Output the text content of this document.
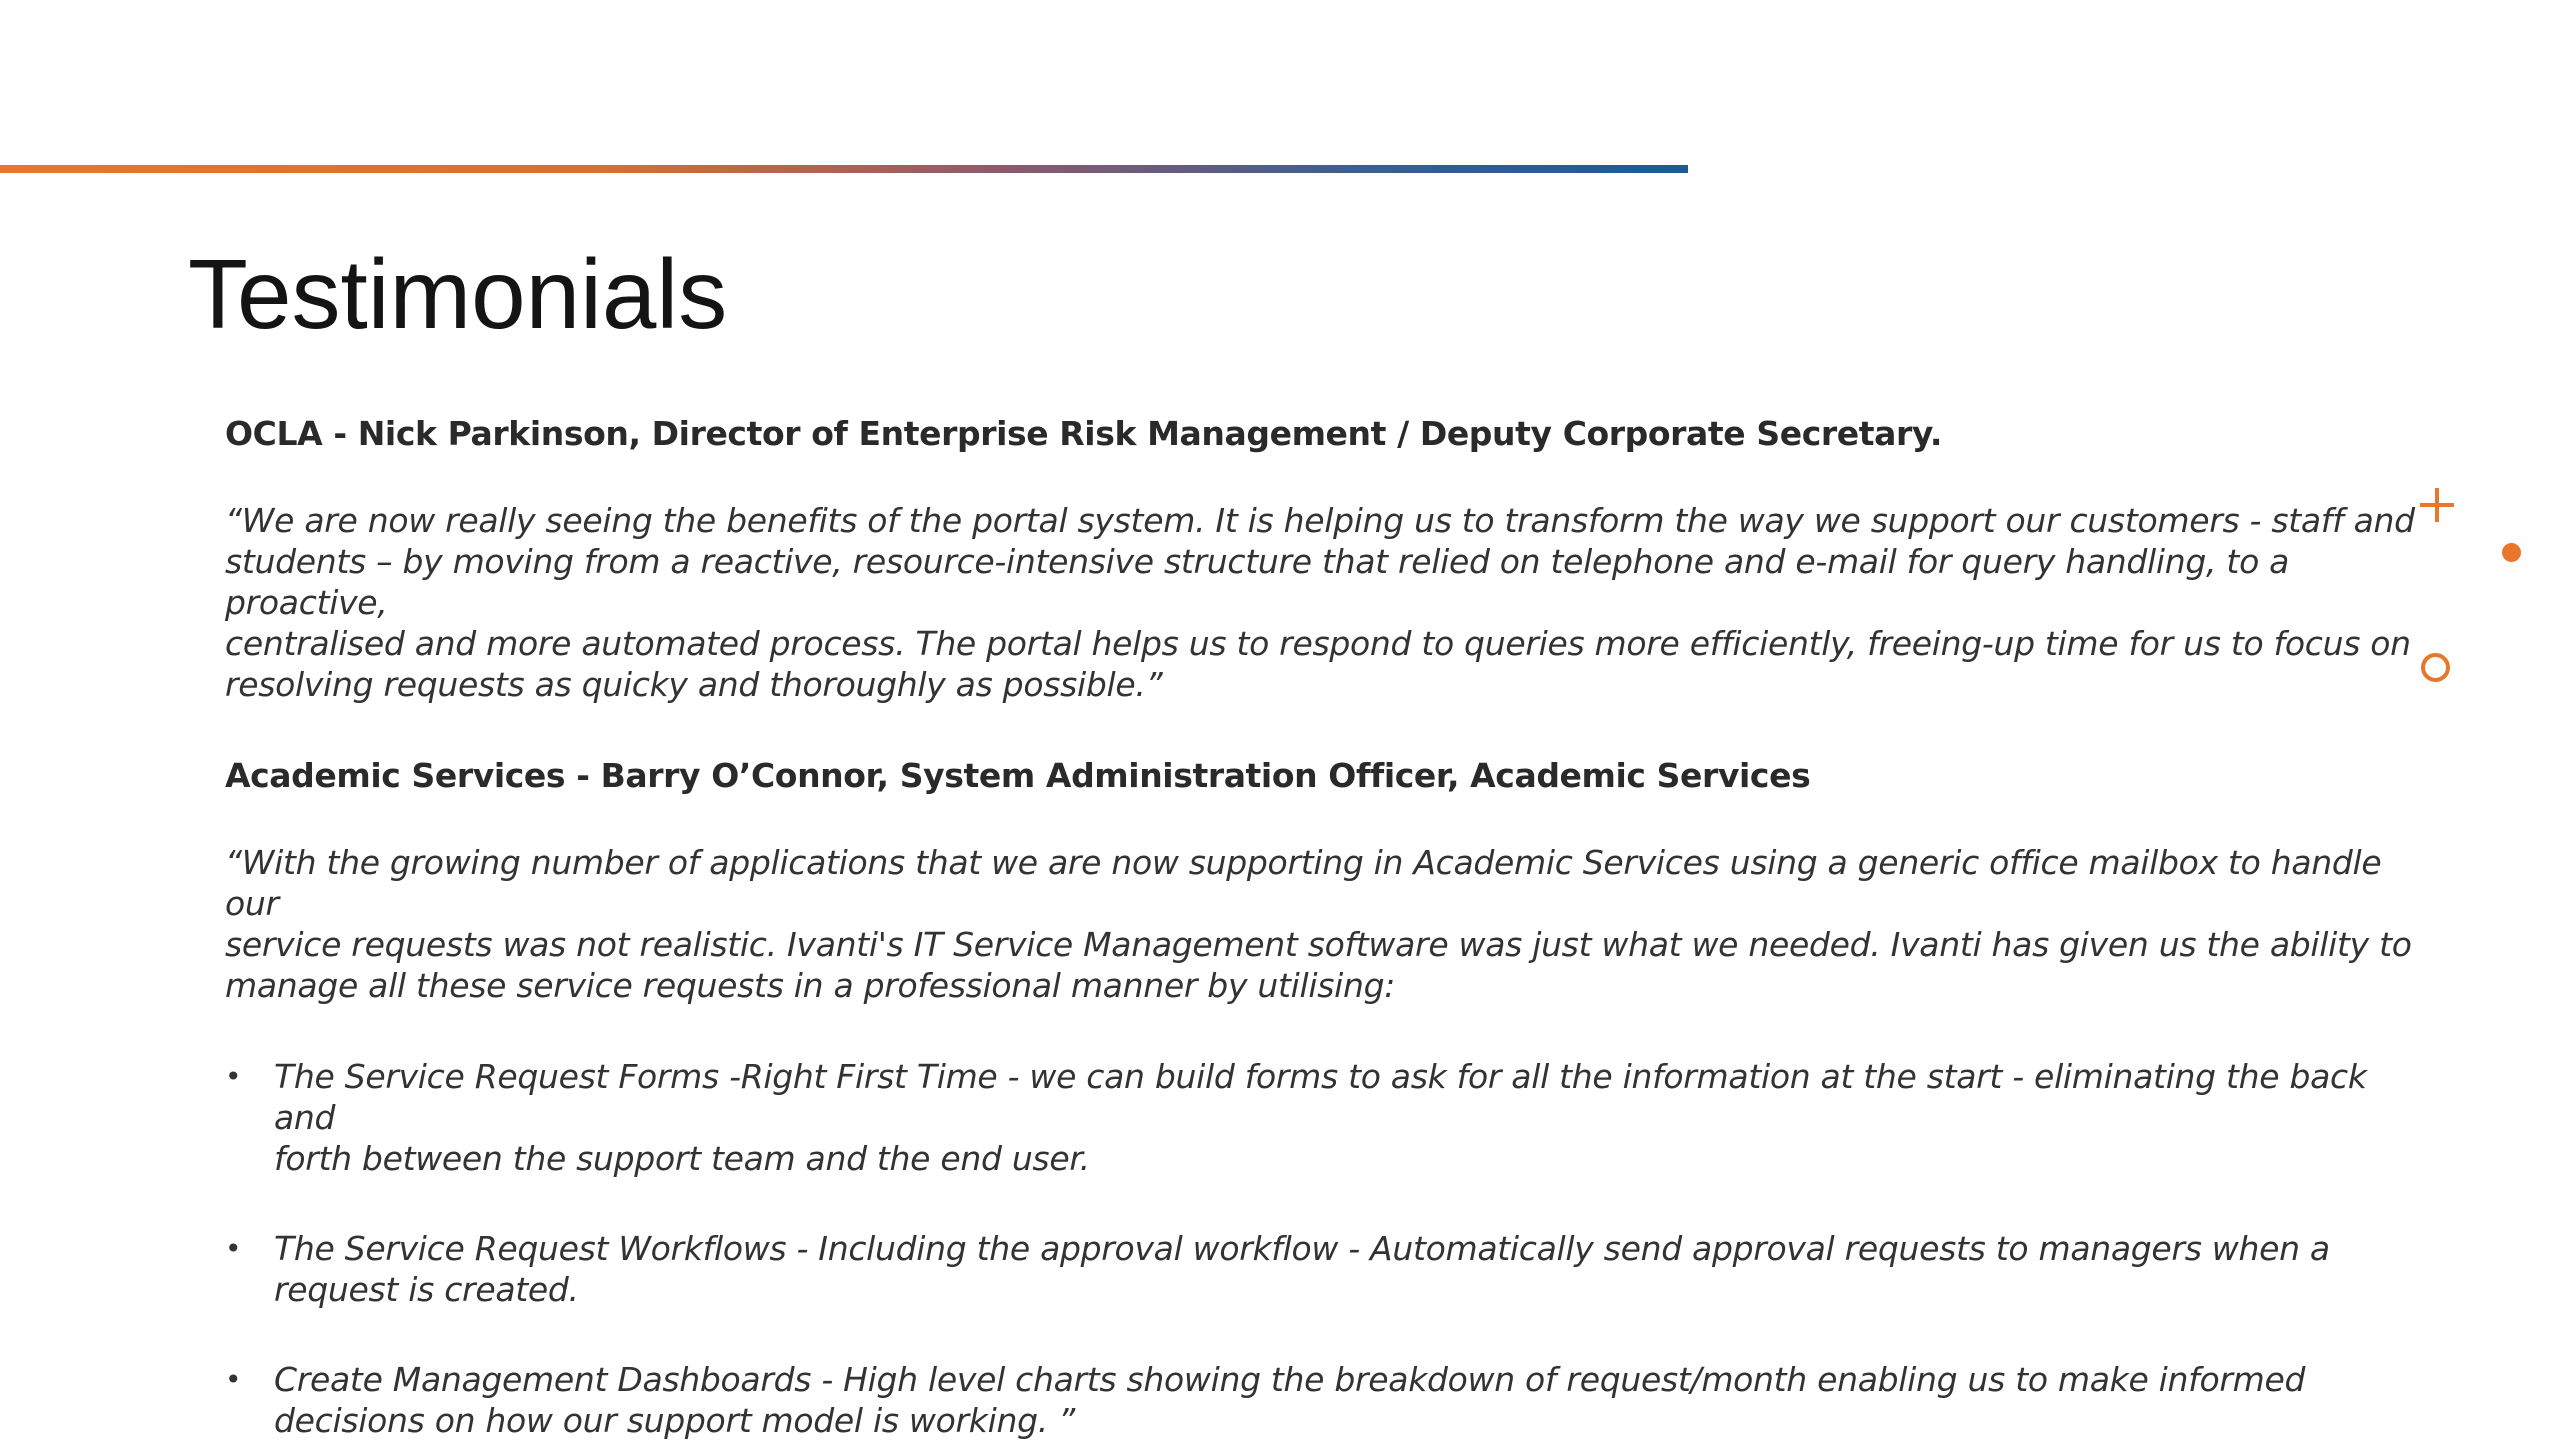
Testimonials

OCLA - Nick Parkinson, Director of Enterprise Risk Management / Deputy Corporate Secretary.

“We are now really seeing the benefits of the portal system. It is helping us to transform the way we support our customers - staff and
students – by moving from a reactive, resource-intensive structure that relied on telephone and e-mail for query handling, to a proactive,
centralised and more automated process. The portal helps us to respond to queries more efficiently, freeing-up time for us to focus on
resolving requests as quicky and thoroughly as possible.”

Academic Services - Barry O’Connor, System Administration Officer, Academic Services

“With the growing number of applications that we are now supporting in Academic Services using a generic office mailbox to handle our
service requests was not realistic. Ivanti's IT Service Management software was just what we needed. Ivanti has given us the ability to
manage all these service requests in a professional manner by utilising:
• The Service Request Forms -Right First Time - we can build forms to ask for all the information at the start - eliminating the back and
forth between the support team and the end user.
• The Service Request Workflows - Including the approval workflow - Automatically send approval requests to managers when a
request is created.
• Create Management Dashboards - High level charts showing the breakdown of request/month enabling us to make informed
decisions on how our support model is working. ”
